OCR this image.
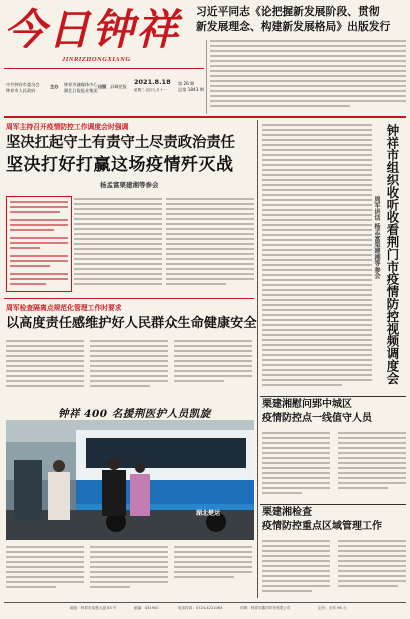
今日钟祥
JINRIZHONGXIANG
中共钟祥市委员会
钟祥市人民政府
主办 钟祥市融媒体中心
湖北日报报业集团
出版 县域党报
2021.8.18
星期三 农历七月十一
第 26 期
总第 1843 期
习近平同志《论把握新发展阶段、贯彻
新发展理念、构建新发展格局》出版发行
周军主持召开疫情防控工作调度会时强调
坚决扛起守土有责守土尽责政治责任
坚决打好打赢这场疫情歼灭战
杨孟富栗建湘等参会
周军检查隔离点规范化管理工作时要求
以高度责任感维护好人民群众生命健康安全
钟祥 400 名援荆医护人员凯旋
湖北楚运
钟祥市组织收听收看荆门市疫情防控视频调度会
周军讲话 杨孟富栗建湘等参会
栗建湘慰问郢中城区
疫情防控点一线值守人员
栗建湘检查
疫情防控重点区域管理工作
地址：钟祥市莫愁大道 63 号	邮编：431900	电话传真：0724-4221063	印刷：钟祥市鑫印印务有限公司	定价：全年 96 元
